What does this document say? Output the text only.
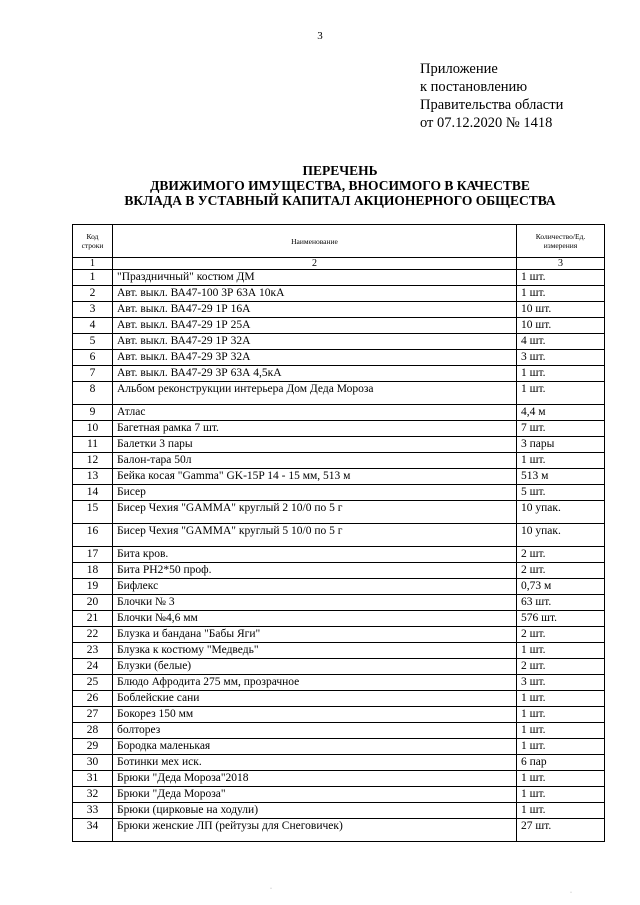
3
Приложение
к постановлению
Правительства области
от 07.12.2020 № 1418
ПЕРЕЧЕНЬ
ДВИЖИМОГО ИМУЩЕСТВА, ВНОСИМОГО В КАЧЕСТВЕ
ВКЛАДА В УСТАВНЫЙ КАПИТАЛ АКЦИОНЕРНОГО ОБЩЕСТВА
Код строки	Наименование	Количество/Ед. измерения
1	2	3
1	"Праздничный" костюм ДМ	1 шт.
2	Авт. выкл. ВА47-100 3Р 63А 10кА	1 шт.
3	Авт. выкл. ВА47-29 1Р 16А	10 шт.
4	Авт. выкл. ВА47-29 1Р 25А	10 шт.
5	Авт. выкл. ВА47-29 1Р 32А	4 шт.
6	Авт. выкл. ВА47-29 3Р 32А	3 шт.
7	Авт. выкл. ВА47-29 3Р 63А 4,5кА	1 шт.
8	Альбом реконструкции интерьера Дом Деда Мороза	1 шт.
9	Атлас	4,4 м
10	Багетная рамка 7 шт.	7 шт.
11	Балетки 3 пары	3 пары
12	Балон-тара 50л	1 шт.
13	Бейка косая "Gamma" GK-15P 14 - 15 мм, 513 м	513 м
14	Бисер	5 шт.
15	Бисер Чехия "GAMMA" круглый 2 10/0 по 5 г	10 упак.
16	Бисер Чехия "GAMMA" круглый 5 10/0 по 5 г	10 упак.
17	Бита кров.	2 шт.
18	Бита PH2*50 проф.	2 шт.
19	Бифлекс	0,73 м
20	Блочки № 3	63 шт.
21	Блочки №4,6 мм	576 шт.
22	Блузка и бандана "Бабы Яги"	2 шт.
23	Блузка к костюму "Медведь"	1 шт.
24	Блузки (белые)	2 шт.
25	Блюдо Афродита 275 мм, прозрачное	3 шт.
26	Боблейские сани	1 шт.
27	Бокорез 150 мм	1 шт.
28	болторез	1 шт.
29	Бородка маленькая	1 шт.
30	Ботинки мех иск.	6 пар
31	Брюки "Деда Мороза"2018	1 шт.
32	Брюки "Деда Мороза"	1 шт.
33	Брюки (цирковые на ходули)	1 шт.
34	Брюки женские ЛП (рейтузы для Снеговичек)	27 шт.
·
·
